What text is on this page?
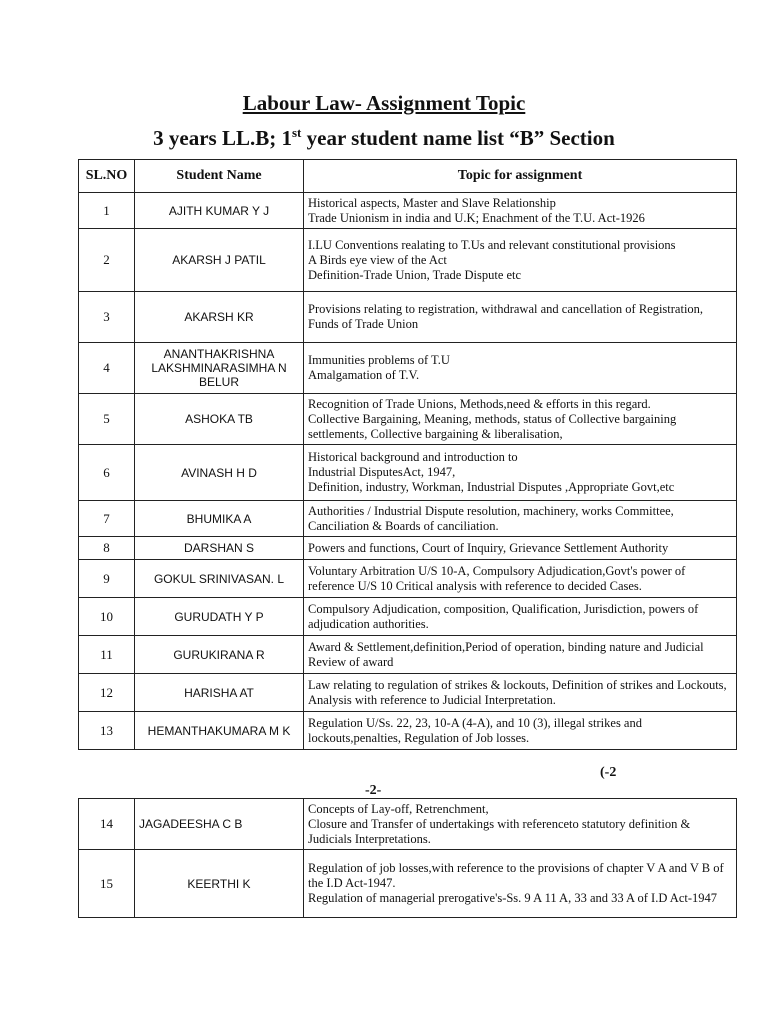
Labour Law- Assignment Topic
3 years LL.B; 1st year student name list “B” Section
SL.NO	Student Name	Topic for assignment
1	AJITH KUMAR Y J	Historical aspects, Master and Slave Relationship
Trade Unionism in india and U.K; Enachment of the T.U. Act-1926

2	AKARSH J PATIL	I.LU Conventions realating to T.Us and relevant constitutional provisions
A Birds eye view of the Act
Definition-Trade Union, Trade Dispute etc

3	AKARSH KR	Provisions relating to registration, withdrawal and cancellation of Registration,
Funds of Trade Union

4	ANANTHAKRISHNA LAKSHMINARASIMHA N BELUR	Immunities problems of T.U
Amalgamation of T.V.

5	ASHOKA TB	Recognition of Trade Unions, Methods,need & efforts in this regard.
Collective Bargaining, Meaning, methods, status of Collective bargaining settlements, Collective bargaining & liberalisation,

6	AVINASH H D	Historical background and introduction to
Industrial DisputesAct, 1947,
Definition, industry, Workman, Industrial Disputes ,Appropriate Govt,etc

7	BHUMIKA A	Authorities / Industrial Dispute resolution, machinery, works Committee, Canciliation & Boards of canciliation.

8	DARSHAN S	Powers and functions, Court of Inquiry, Grievance Settlement Authority

9	GOKUL SRINIVASAN. L	Voluntary Arbitration U/S 10-A, Compulsory Adjudication,Govt's power of reference U/S 10 Critical analysis with reference to decided Cases.

10	GURUDATH Y P	Compulsory Adjudication, composition, Qualification, Jurisdiction, powers of adjudication authorities.

11	GURUKIRANA R	Award & Settlement,definition,Period of operation, binding nature and Judicial Review of award

12	HARISHA AT	Law relating to regulation of strikes & lockouts, Definition of strikes and Lockouts, Analysis with reference to Judicial Interpretation.

13	HEMANTHAKUMARA M K	Regulation U/Ss. 22, 23, 10-A (4-A), and 10 (3), illegal strikes and lockouts,penalties, Regulation of Job losses.
(-2
-2-
14	JAGADEESHA C B	Concepts of Lay-off, Retrenchment,
Closure and Transfer of undertakings with referenceto statutory definition & Judicials Interpretations.

15	KEERTHI K	Regulation of job losses,with reference to the provisions of chapter V A and V B of the I.D Act-1947.
Regulation of managerial prerogative's-Ss. 9 A 11 A, 33 and 33 A of I.D Act-1947
